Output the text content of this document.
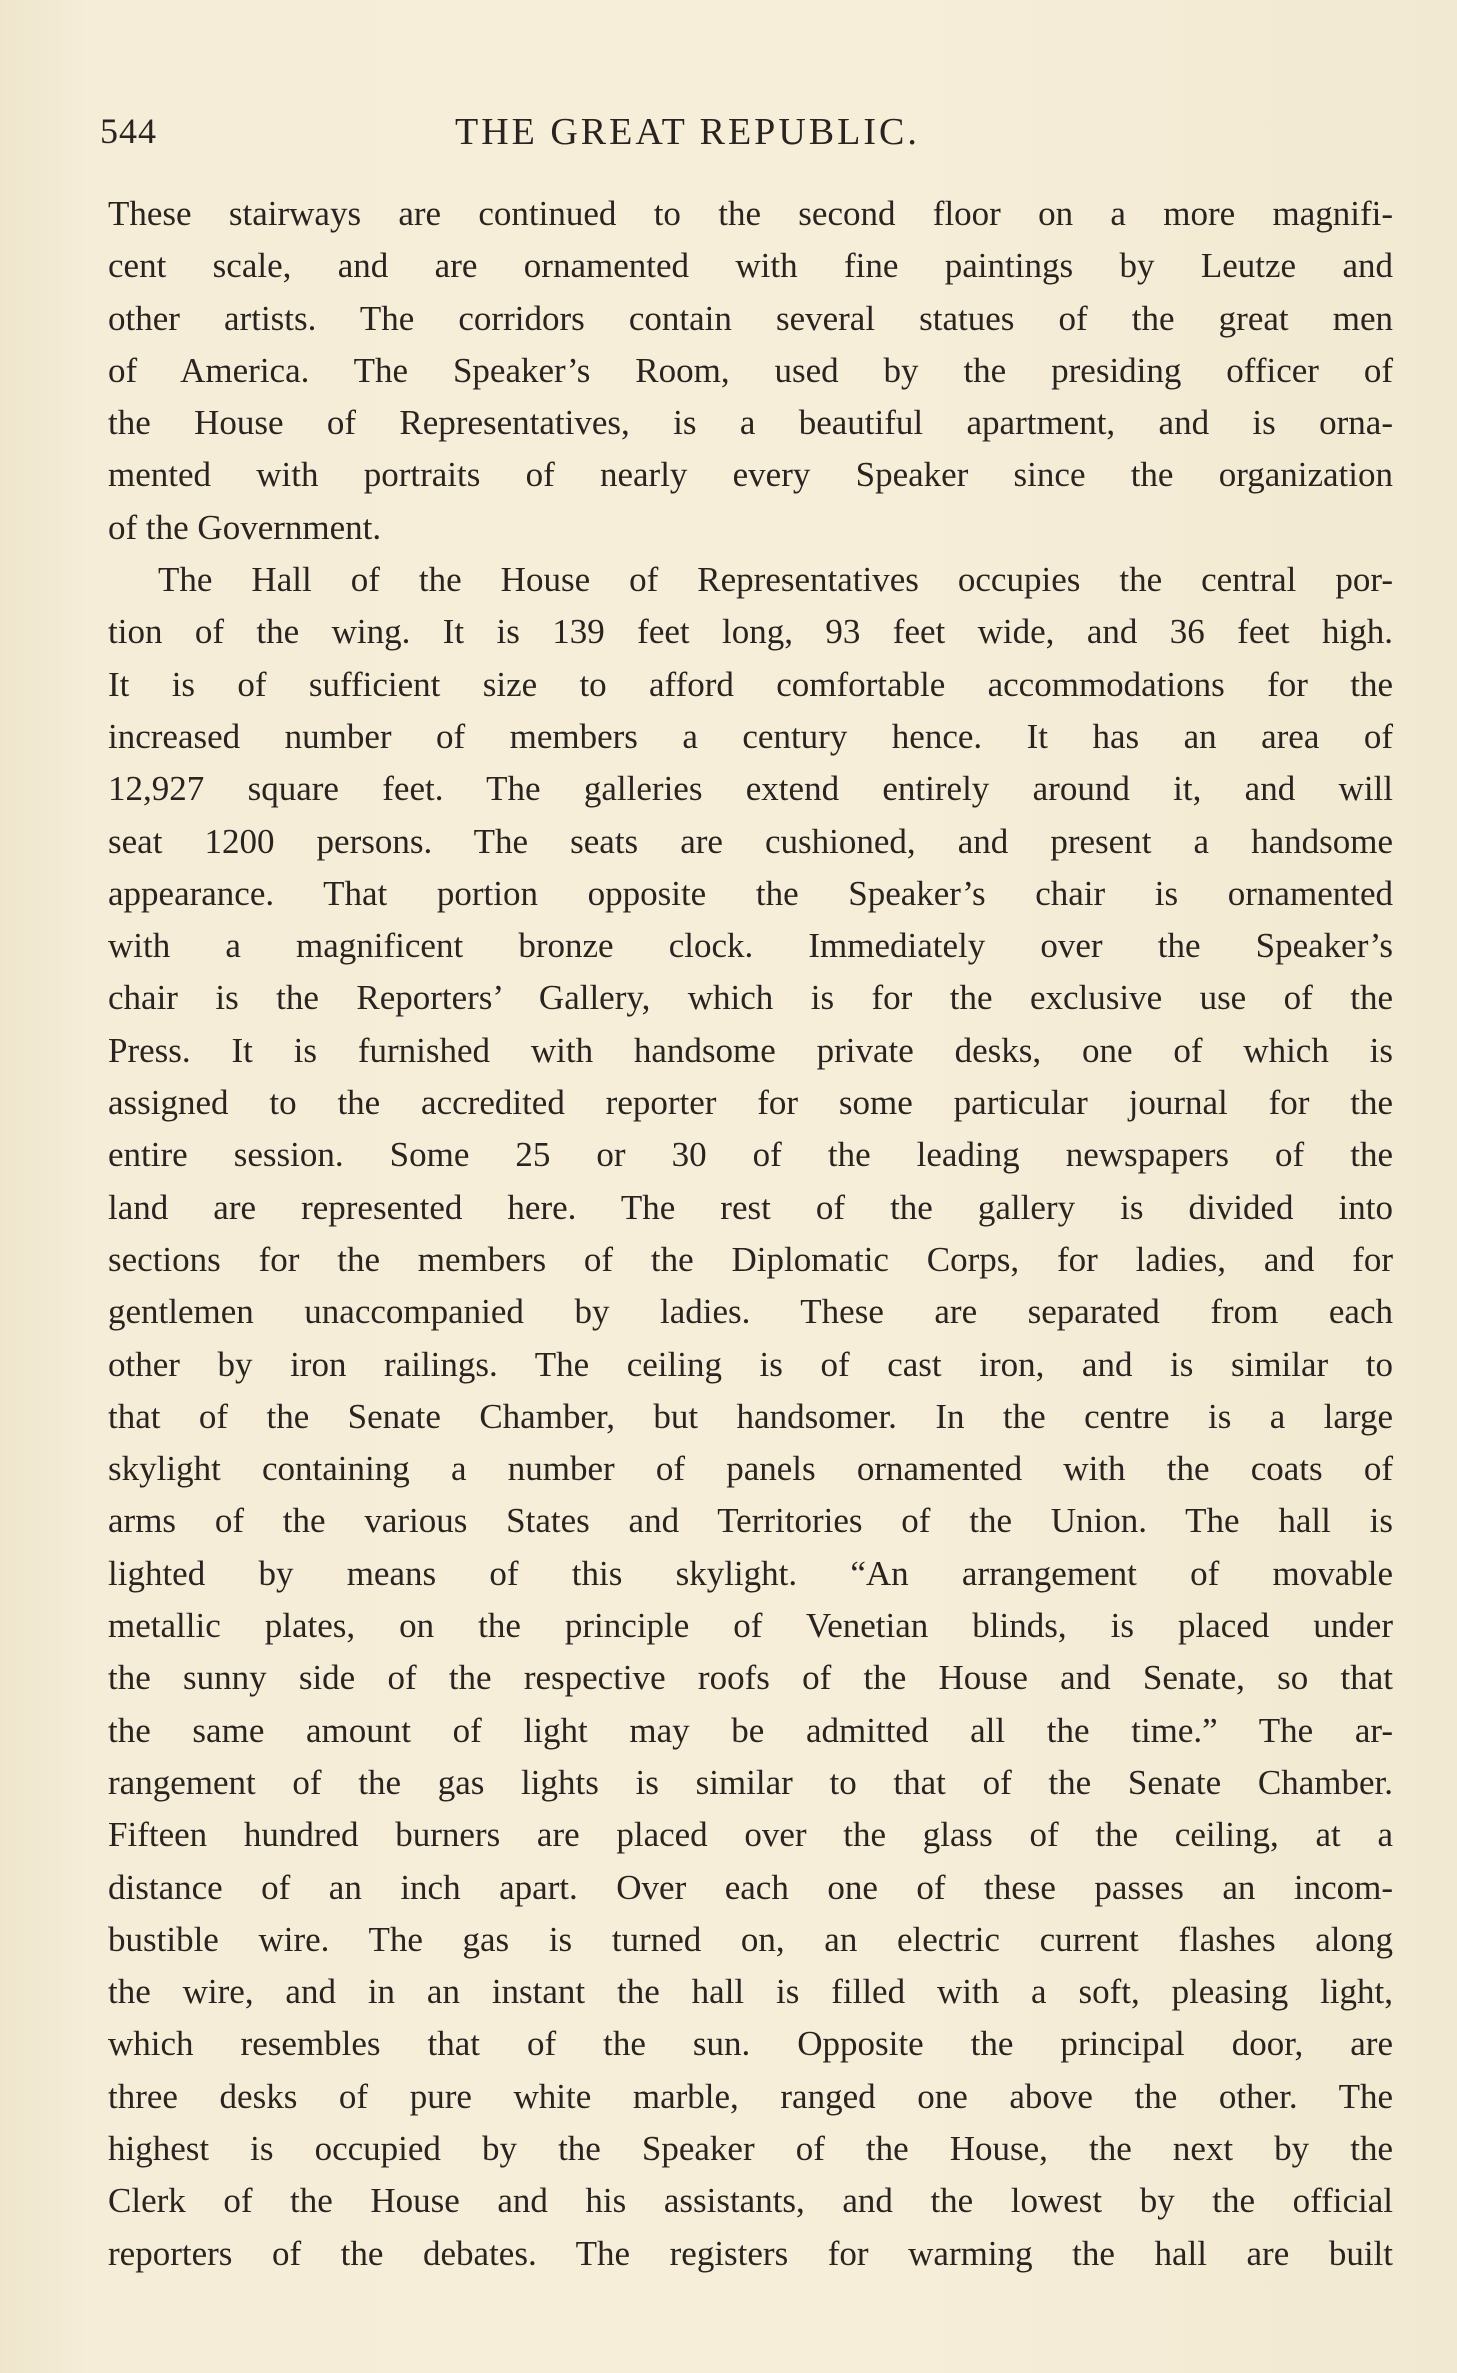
544	THE GREAT REPUBLIC.
These stairways are continued to the second floor on a more magnifi-
cent scale, and are ornamented with fine paintings by Leutze and
other artists. The corridors contain several statues of the great men
of America. The Speaker’s Room, used by the presiding officer of
the House of Representatives, is a beautiful apartment, and is orna-
mented with portraits of nearly every Speaker since the organization
of the Government.
The Hall of the House of Representatives occupies the central por-
tion of the wing. It is 139 feet long, 93 feet wide, and 36 feet high.
It is of sufficient size to afford comfortable accommodations for the
increased number of members a century hence. It has an area of
12,927 square feet. The galleries extend entirely around it, and will
seat 1200 persons. The seats are cushioned, and present a handsome
appearance. That portion opposite the Speaker’s chair is ornamented
with a magnificent bronze clock. Immediately over the Speaker’s
chair is the Reporters’ Gallery, which is for the exclusive use of the
Press. It is furnished with handsome private desks, one of which is
assigned to the accredited reporter for some particular journal for the
entire session. Some 25 or 30 of the leading newspapers of the
land are represented here. The rest of the gallery is divided into
sections for the members of the Diplomatic Corps, for ladies, and for
gentlemen unaccompanied by ladies. These are separated from each
other by iron railings. The ceiling is of cast iron, and is similar to
that of the Senate Chamber, but handsomer. In the centre is a large
skylight containing a number of panels ornamented with the coats of
arms of the various States and Territories of the Union. The hall is
lighted by means of this skylight. “An arrangement of movable
metallic plates, on the principle of Venetian blinds, is placed under
the sunny side of the respective roofs of the House and Senate, so that
the same amount of light may be admitted all the time.” The ar-
rangement of the gas lights is similar to that of the Senate Chamber.
Fifteen hundred burners are placed over the glass of the ceiling, at a
distance of an inch apart. Over each one of these passes an incom-
bustible wire. The gas is turned on, an electric current flashes along
the wire, and in an instant the hall is filled with a soft, pleasing light,
which resembles that of the sun. Opposite the principal door, are
three desks of pure white marble, ranged one above the other. The
highest is occupied by the Speaker of the House, the next by the
Clerk of the House and his assistants, and the lowest by the official
reporters of the debates. The registers for warming the hall are built
